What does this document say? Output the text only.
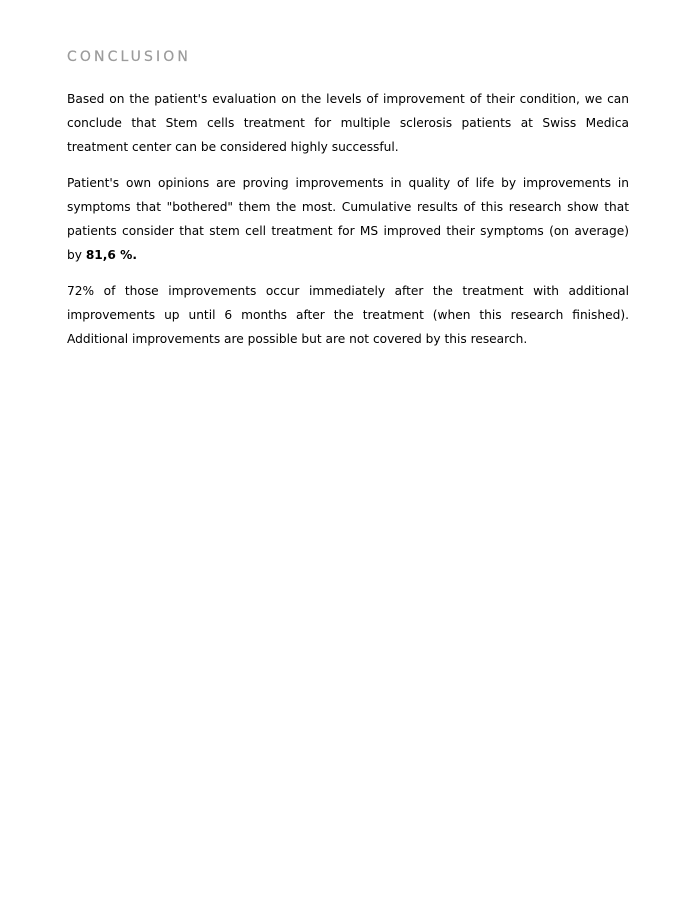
CONCLUSION

Based on the patient's evaluation on the levels of improvement of their condition, we can conclude that Stem cells treatment for multiple sclerosis patients at Swiss Medica treatment center can be considered highly successful.

Patient's own opinions are proving improvements in quality of life by improvements in symptoms that "bothered" them the most. Cumulative results of this research show that patients consider that stem cell treatment for MS improved their symptoms (on average) by 81,6 %.

72% of those improvements occur immediately after the treatment with additional improvements up until 6 months after the treatment (when this research finished). Additional improvements are possible but are not covered by this research.
